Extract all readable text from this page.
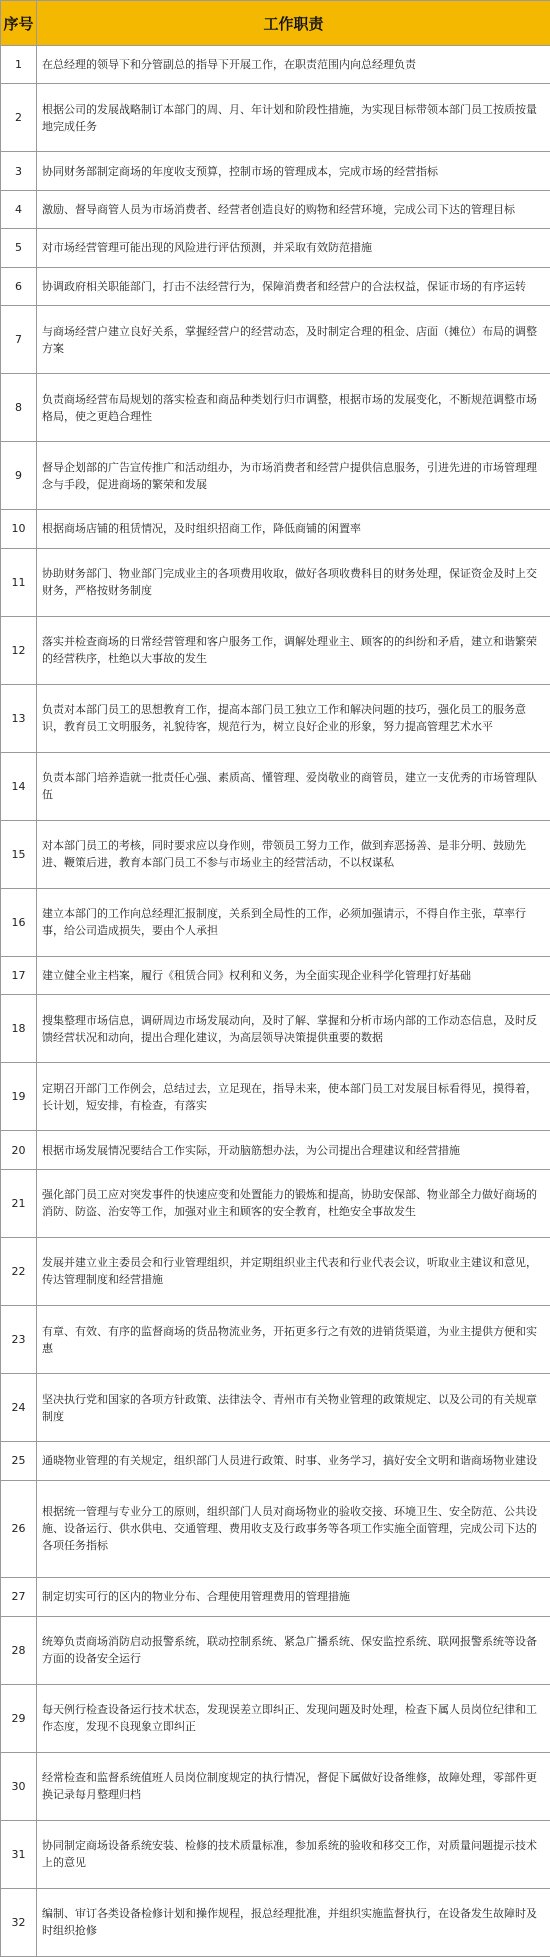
序号	工作职责
1	在总经理的领导下和分管副总的指导下开展工作，在职责范围内向总经理负责
2	根据公司的发展战略制订本部门的周、月、年计划和阶段性措施，为实现目标带领本部门员工按质按量地完成任务
3	协同财务部制定商场的年度收支预算，控制市场的管理成本，完成市场的经营指标
4	激励、督导商管人员为市场消费者、经营者创造良好的购物和经营环境，完成公司下达的管理目标
5	对市场经营管理可能出现的风险进行评估预测，并采取有效防范措施
6	协调政府相关职能部门，打击不法经营行为，保障消费者和经营户的合法权益，保证市场的有序运转
7	与商场经营户建立良好关系，掌握经营户的经营动态，及时制定合理的租金、店面（摊位）布局的调整方案
8	负责商场经营布局规划的落实检查和商品种类划行归市调整，根据市场的发展变化，不断规范调整市场格局，使之更趋合理性
9	督导企划部的广告宣传推广和活动组办，为市场消费者和经营户提供信息服务，引进先进的市场管理理念与手段，促进商场的繁荣和发展
10	根据商场店铺的租赁情况，及时组织招商工作，降低商铺的闲置率
11	协助财务部门、物业部门完成业主的各项费用收取，做好各项收费科目的财务处理，保证资金及时上交财务，严格按财务制度
12	落实并检查商场的日常经营管理和客户服务工作，调解处理业主、顾客的的纠纷和矛盾，建立和谐繁荣的经营秩序，杜绝以大事故的发生
13	负责对本部门员工的思想教育工作，提高本部门员工独立工作和解决问题的技巧，强化员工的服务意识，教育员工文明服务，礼貌待客，规范行为，树立良好企业的形象，努力提高管理艺术水平
14	负责本部门培养造就一批责任心强、素质高、懂管理、爱岗敬业的商管员，建立一支优秀的市场管理队伍
15	对本部门员工的考核，同时要求应以身作则，带领员工努力工作，做到弃恶扬善、是非分明、鼓励先进、鞭策后进，教育本部门员工不参与市场业主的经营活动，不以权谋私
16	建立本部门的工作向总经理汇报制度，关系到全局性的工作，必须加强请示，不得自作主张，草率行事，给公司造成损失，要由个人承担
17	建立健全业主档案，履行《租赁合同》权利和义务，为全面实现企业科学化管理打好基础
18	搜集整理市场信息，调研周边市场发展动向，及时了解、掌握和分析市场内部的工作动态信息，及时反馈经营状况和动向，提出合理化建议，为高层领导决策提供重要的数据
19	定期召开部门工作例会，总结过去，立足现在，指导未来，使本部门员工对发展目标看得见，摸得着，长计划，短安排，有检查，有落实
20	根据市场发展情况要结合工作实际，开动脑筋想办法，为公司提出合理建议和经营措施
21	强化部门员工应对突发事件的快速应变和处置能力的锻炼和提高，协助安保部、物业部全力做好商场的消防、防盗、治安等工作，加强对业主和顾客的安全教育，杜绝安全事故发生
22	发展并建立业主委员会和行业管理组织，并定期组织业主代表和行业代表会议，听取业主建议和意见，传达管理制度和经营措施
23	有章、有效、有序的监督商场的货品物流业务，开拓更多行之有效的进销货渠道，为业主提供方便和实惠
24	坚决执行党和国家的各项方针政策、法律法令、青州市有关物业管理的政策规定、以及公司的有关规章制度
25	通晓物业管理的有关规定，组织部门人员进行政策、时事、业务学习，搞好安全文明和谐商场物业建设
26	根据统一管理与专业分工的原则，组织部门人员对商场物业的验收交接、环境卫生、安全防范、公共设施、设备运行、供水供电、交通管理、费用收支及行政事务等各项工作实施全面管理，完成公司下达的各项任务指标
27	制定切实可行的区内的物业分布、合理使用管理费用的管理措施
28	统筹负责商场消防启动报警系统，联动控制系统、紧急广播系统、保安监控系统、联网报警系统等设备方面的设备安全运行
29	每天例行检查设备运行技术状态，发现误差立即纠正、发现问题及时处理，检查下属人员岗位纪律和工作态度，发现不良现象立即纠正
30	经常检查和监督系统值班人员岗位制度规定的执行情况，督促下属做好设备维修，故障处理，零部件更换记录每月整理归档
31	协同制定商场设备系统安装、检修的技术质量标准，参加系统的验收和移交工作，对质量问题提示技术上的意见
32	编制、审订各类设备检修计划和操作规程，报总经理批准，并组织实施监督执行，在设备发生故障时及时组织抢修
